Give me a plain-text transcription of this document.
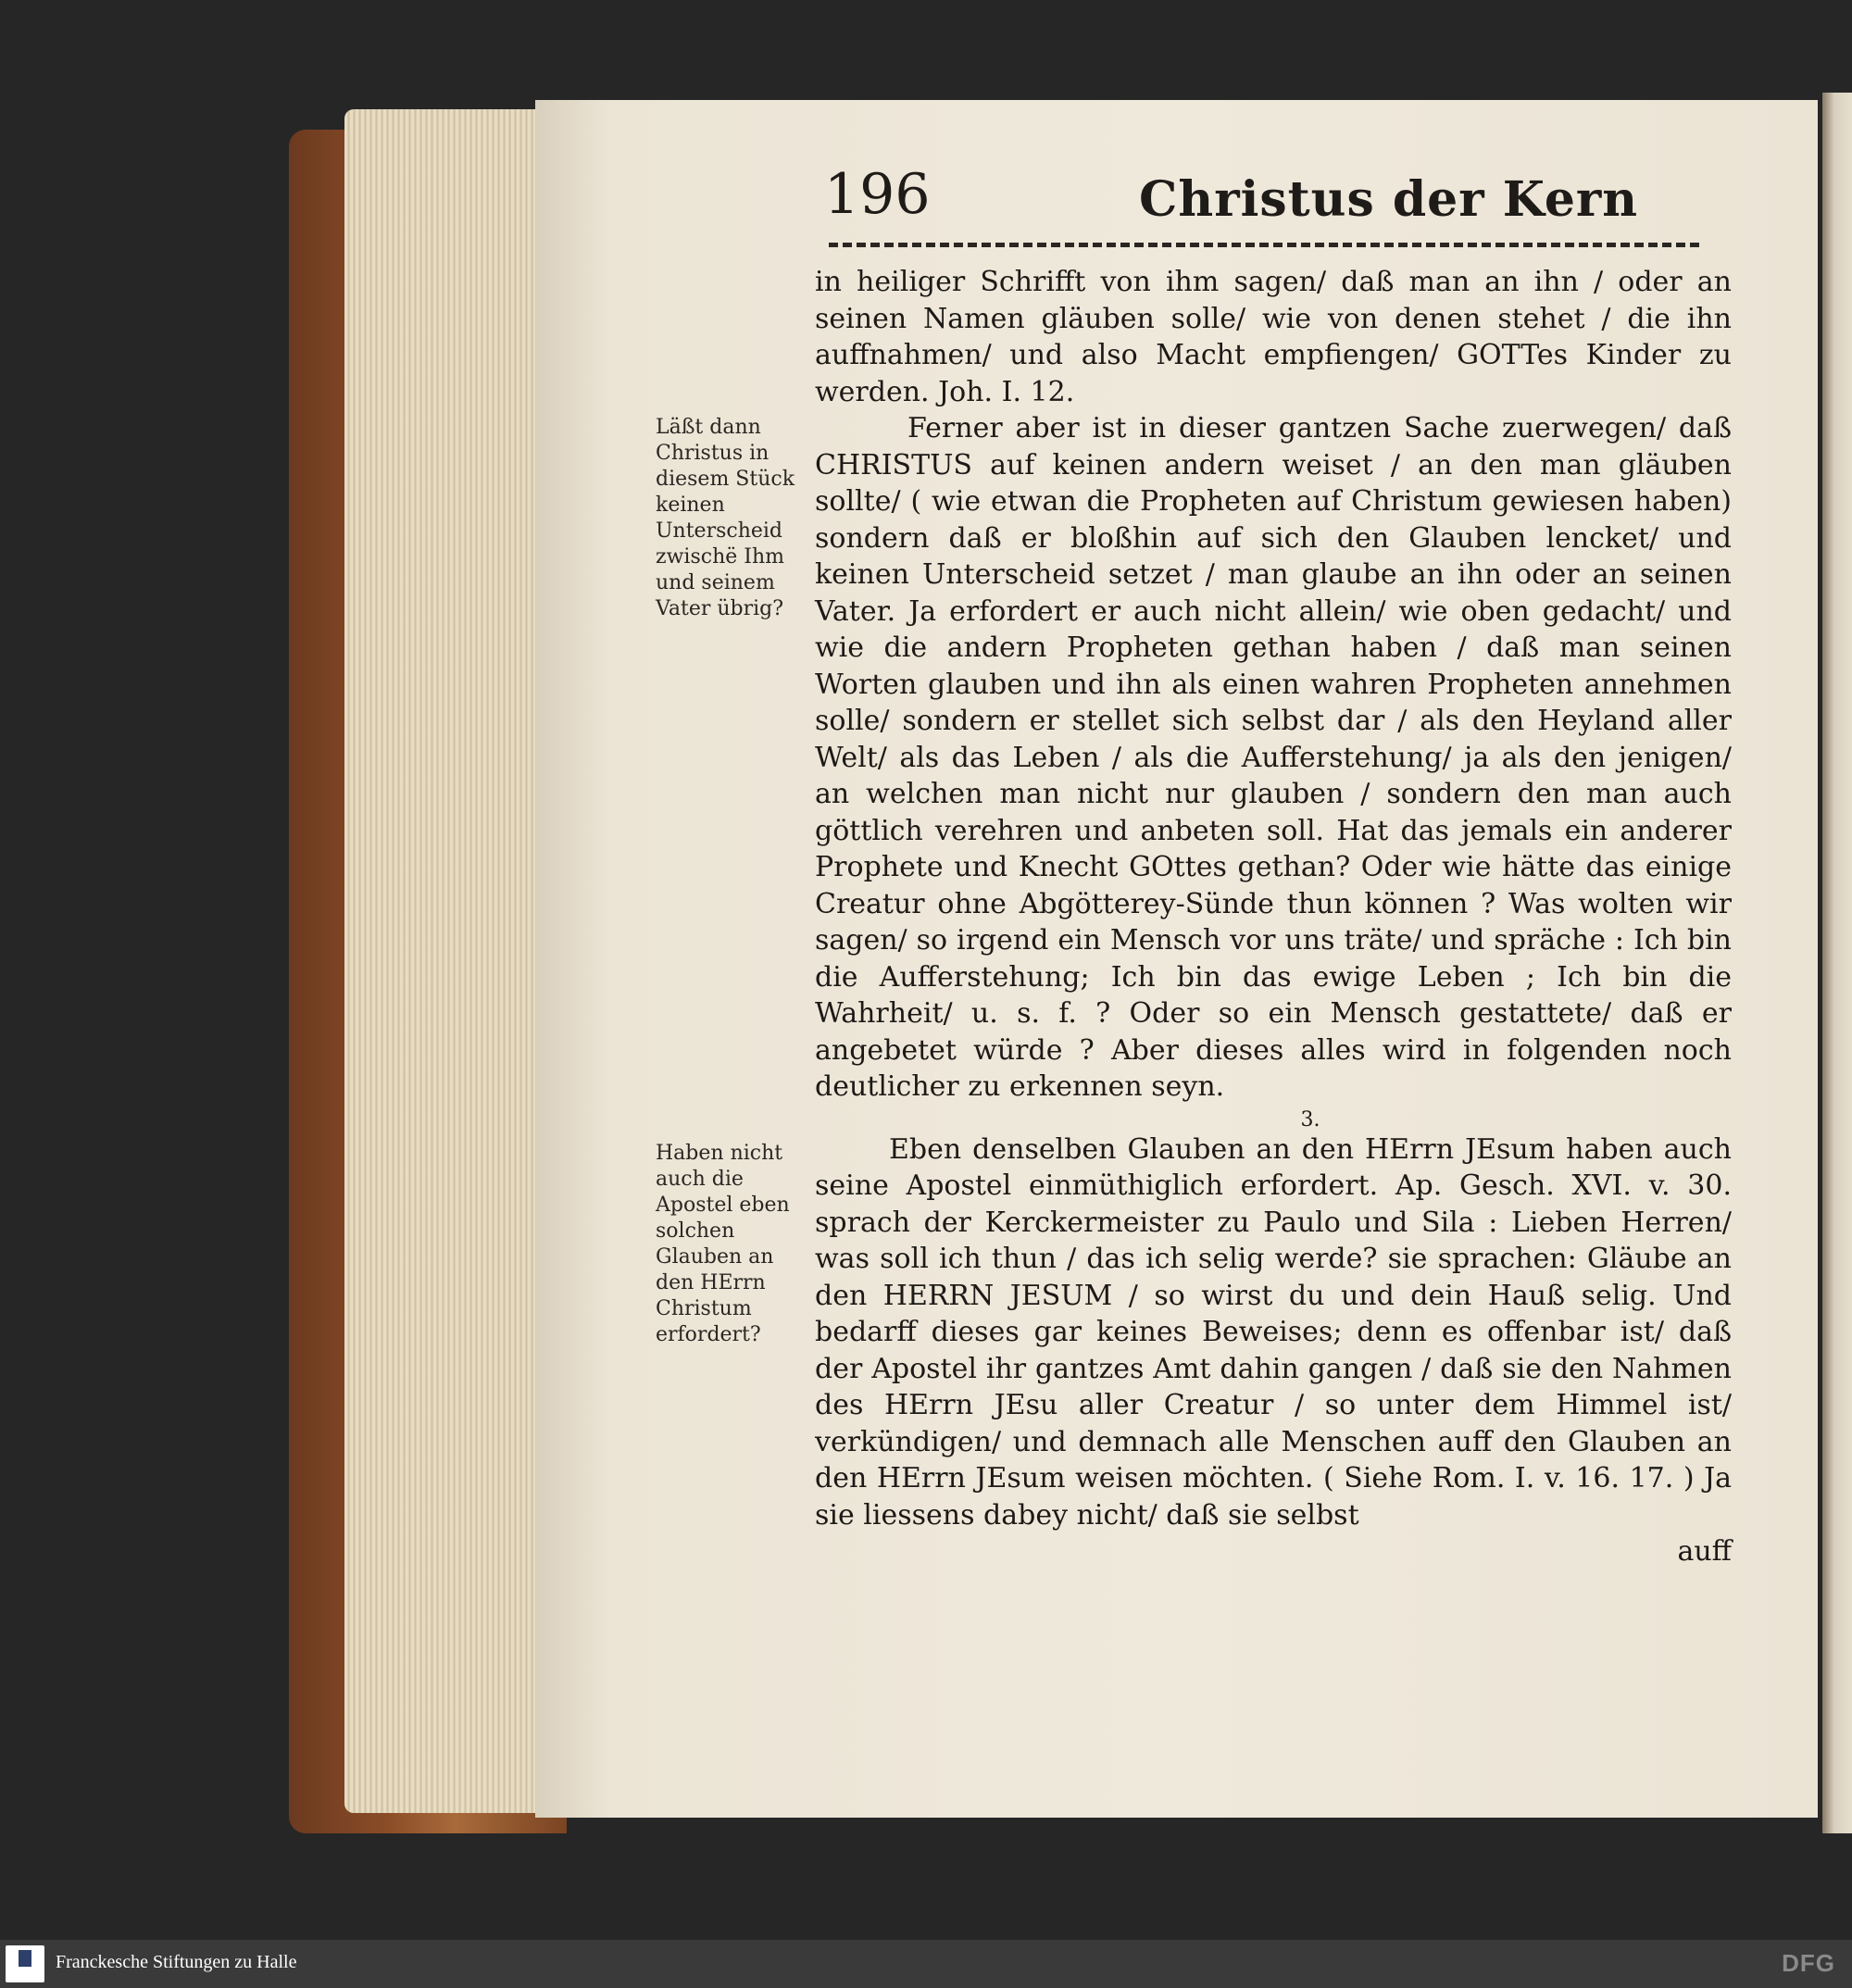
196	Christus der Kern
Läßt dann Christus in diesem Stück keinen Unterscheid zwischë Ihm und seinem Vater übrig?
Haben nicht auch die Apostel eben solchen Glauben an den HErrn Christum erfordert?

in heiliger Schrifft von ihm sagen/ daß man an ihn / oder an seinen Namen gläuben solle/ wie von denen stehet / die ihn auffnahmen/ und also Macht empfiengen/ GOTTes Kinder zu werden. Joh. I. 12.

Ferner aber ist in dieser gantzen Sache zuerwegen/ daß CHRISTUS auf keinen andern weiset / an den man gläuben sollte/ ( wie etwan die Propheten auf Christum gewiesen haben) sondern daß er bloßhin auf sich den Glauben lencket/ und keinen Unterscheid setzet / man glaube an ihn oder an seinen Vater. Ja erfordert er auch nicht allein/ wie oben gedacht/ und wie die andern Propheten gethan haben / daß man seinen Worten glauben und ihn als einen wahren Propheten annehmen solle/ sondern er stellet sich selbst dar / als den Heyland aller Welt/ als das Leben / als die Aufferstehung/ ja als den jenigen/ an welchen man nicht nur glauben / sondern den man auch göttlich verehren und anbeten soll. Hat das jemals ein anderer Prophete und Knecht GOttes gethan? Oder wie hätte das einige Creatur ohne Abgötterey-Sünde thun können ? Was wolten wir sagen/ so irgend ein Mensch vor uns träte/ und spräche : Ich bin die Aufferstehung; Ich bin das ewige Leben ; Ich bin die Wahrheit/ u. s. f. ? Oder so ein Mensch gestattete/ daß er angebetet würde ? Aber dieses alles wird in folgenden noch deutlicher zu erkennen seyn.

3.

Eben denselben Glauben an den HErrn JEsum haben auch seine Apostel einmüthiglich erfordert. Ap. Gesch. XVI. v. 30. sprach der Kerckermeister zu Paulo und Sila : Lieben Herren/ was soll ich thun / das ich selig werde? sie sprachen: Gläube an den HERRN JESUM / so wirst du und dein Hauß selig. Und bedarff dieses gar keines Beweises; denn es offenbar ist/ daß der Apostel ihr gantzes Amt dahin gangen / daß sie den Nahmen des HErrn JEsu aller Creatur / so unter dem Himmel ist/ verkündigen/ und demnach alle Menschen auff den Glauben an den HErrn JEsum weisen möchten. ( Siehe Rom. I. v. 16. 17. ) Ja sie liessens dabey nicht/ daß sie selbst

auff

Franckesche Stiftungen zu Halle	DFG
